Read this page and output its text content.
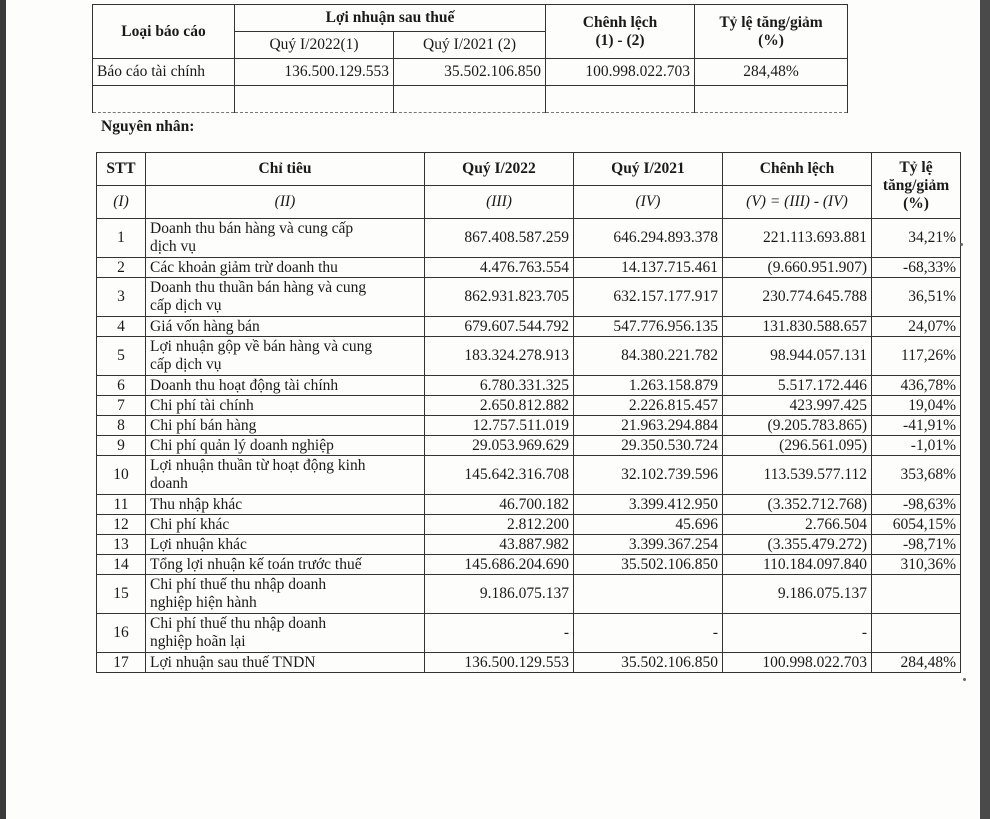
Loại báo cáo	Lợi nhuận sau thuế		Chênh lệch
(1) - (2)	Tỷ lệ tăng/giảm
(%)
	Quý I/2022(1)	Quý I/2021 (2)		
Báo cáo tài chính	136.500.129.553	35.502.106.850	100.998.022.703	284,48%

Nguyên nhân:
STT	Chỉ tiêu	Quý I/2022	Quý I/2021	Chênh lệch	Tỷ lệ
tăng/giảm
(%)
(I)	(II)	(III)	(IV)	(V) = (III) - (IV)	
1	Doanh thu bán hàng và cung cấp
dịch vụ	867.408.587.259	646.294.893.378	221.113.693.881	34,21%
2	Các khoản giảm trừ doanh thu	4.476.763.554	14.137.715.461	(9.660.951.907)	-68,33%
3	Doanh thu thuần bán hàng và cung
cấp dịch vụ	862.931.823.705	632.157.177.917	230.774.645.788	36,51%
4	Giá vốn hàng bán	679.607.544.792	547.776.956.135	131.830.588.657	24,07%
5	Lợi nhuận gộp về bán hàng và cung
cấp dịch vụ	183.324.278.913	84.380.221.782	98.944.057.131	117,26%
6	Doanh thu hoạt động tài chính	6.780.331.325	1.263.158.879	5.517.172.446	436,78%
7	Chi phí tài chính	2.650.812.882	2.226.815.457	423.997.425	19,04%
8	Chi phí bán hàng	12.757.511.019	21.963.294.884	(9.205.783.865)	-41,91%
9	Chi phí quản lý doanh nghiệp	29.053.969.629	29.350.530.724	(296.561.095)	-1,01%
10	Lợi nhuận thuần từ hoạt động kinh
doanh	145.642.316.708	32.102.739.596	113.539.577.112	353,68%
11	Thu nhập khác	46.700.182	3.399.412.950	(3.352.712.768)	-98,63%
12	Chi phí khác	2.812.200	45.696	2.766.504	6054,15%
13	Lợi nhuận khác	43.887.982	3.399.367.254	(3.355.479.272)	-98,71%
14	Tổng lợi nhuận kế toán trước thuế	145.686.204.690	35.502.106.850	110.184.097.840	310,36%
15	Chi phí thuế thu nhập doanh
nghiệp hiện hành	9.186.075.137		9.186.075.137	
16	Chi phí thuế thu nhập doanh
nghiệp hoãn lại	-	-	-	
17	Lợi nhuận sau thuế TNDN	136.500.129.553	35.502.106.850	100.998.022.703	284,48%
